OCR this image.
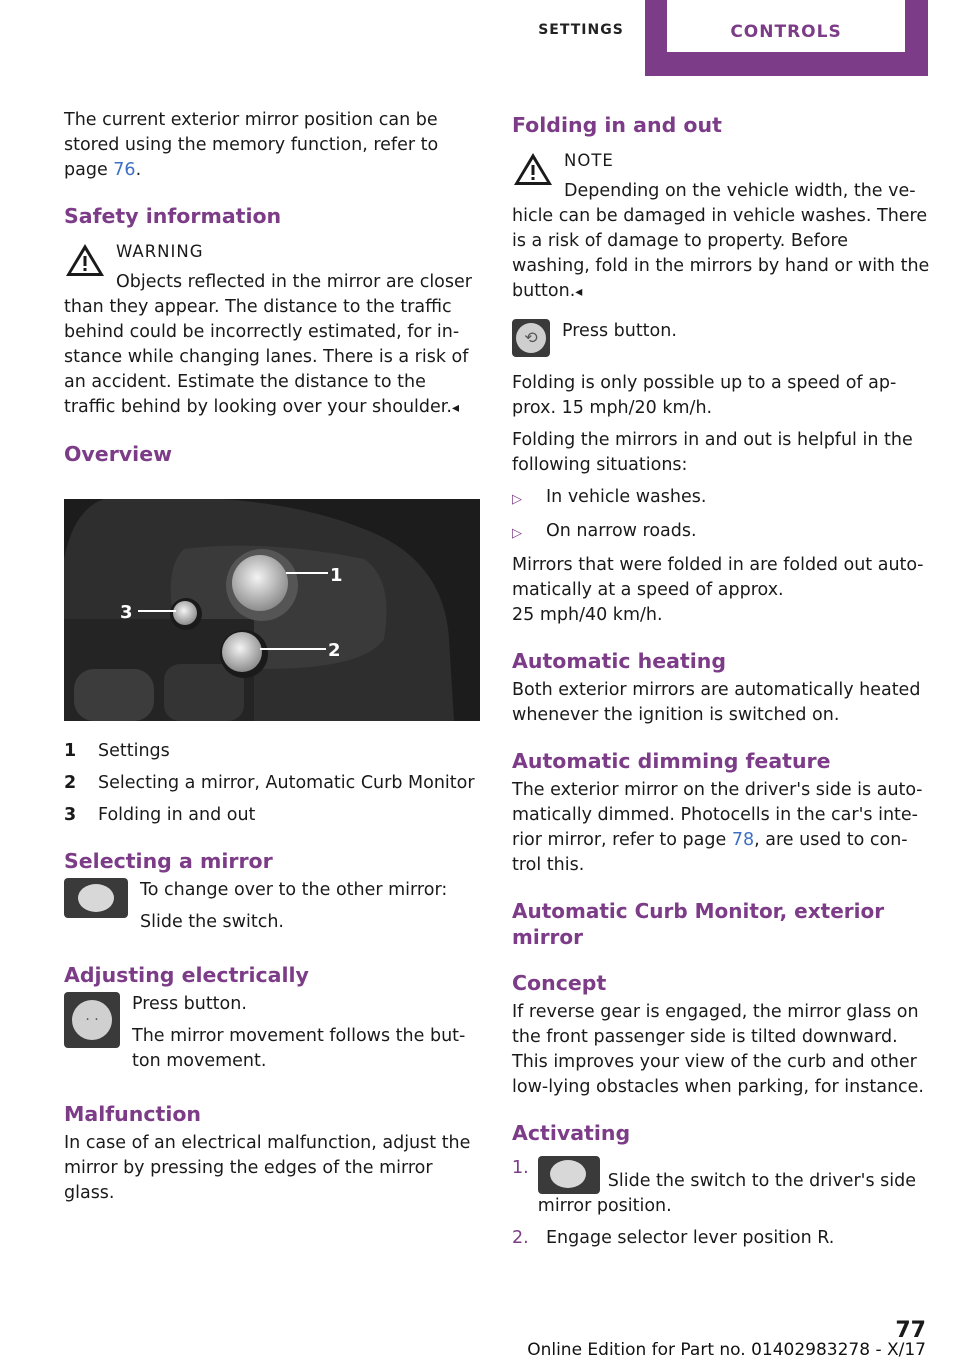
SETTINGS	CONTROLS

The current exterior mirror position can be stored using the memory function, refer to page 76.

Safety information
WARNING

Objects reflected in the mirror are closer than they appear. The distance to the traffic behind could be incorrectly estimated, for instance while changing lanes. There is a risk of an accident. Estimate the distance to the traffic behind by looking over your shoulder.◂

Overview
1
2
3
1	Settings
2	Selecting a mirror, Automatic Curb Monitor
3	Folding in and out
Selecting a mirror

To change over to the other mirror:

Slide the switch.

Adjusting electrically
· ·

Press button.

The mirror movement follows the button movement.

Malfunction

In case of an electrical malfunction, adjust the mirror by pressing the edges of the mirror glass.

Folding in and out
NOTE

Depending on the vehicle width, the vehicle can be damaged in vehicle washes. There is a risk of damage to property. Before washing, fold in the mirrors by hand or with the button.◂

⟲

Press button.

Folding is only possible up to a speed of approx. 15 mph/20 km/h.

Folding the mirrors in and out is helpful in the following situations:

▷	In vehicle washes.
▷	On narrow roads.

Mirrors that were folded in are folded out automatically at a speed of approx.
25 mph/40 km/h.

Automatic heating

Both exterior mirrors are automatically heated whenever the ignition is switched on.

Automatic dimming feature

The exterior mirror on the driver's side is automatically dimmed. Photocells in the car's interior mirror, refer to page 78, are used to control this.

Automatic Curb Monitor, exterior mirror
Concept

If reverse gear is engaged, the mirror glass on the front passenger side is tilted downward. This improves your view of the curb and other low-lying obstacles when parking, for instance.

Activating
1.
Slide the switch to the driver's side mirror position.
2. Engage selector lever position R.
77
Online Edition for Part no. 01402983278 - X/17
